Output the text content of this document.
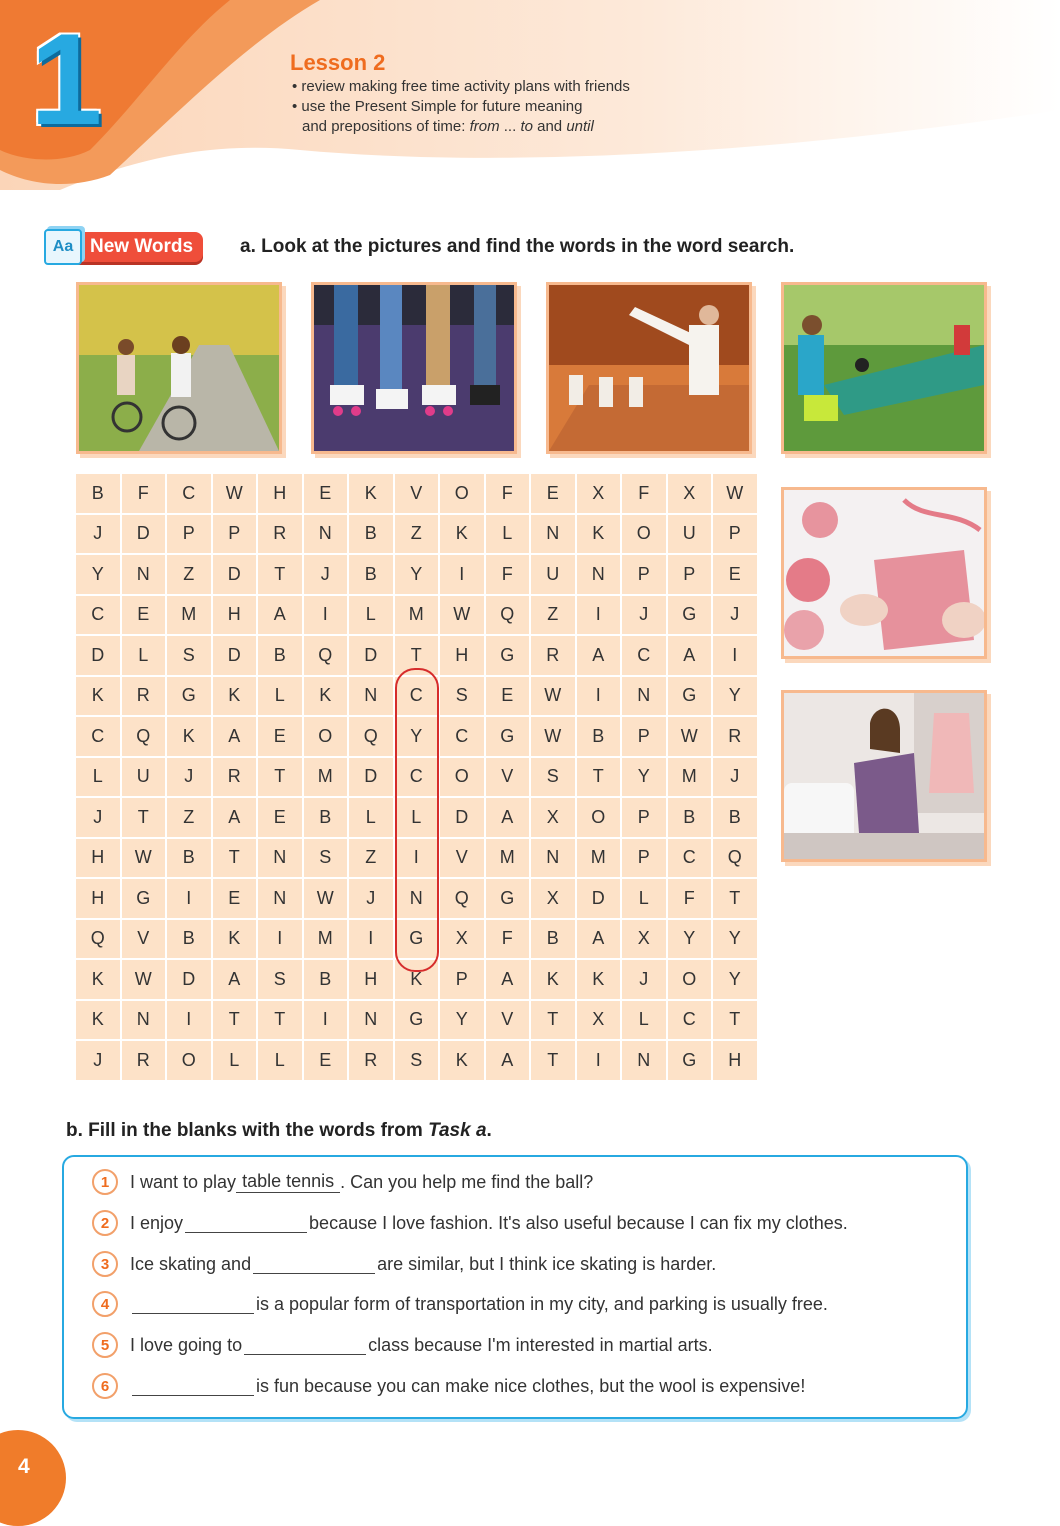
1	Lesson 2
• review making free time activity plans with friends
• use the Present Simple for future meaning
and prepositions of time: from ... to and until
Aa New Words	a. Look at the pictures and find the words in the word search.
B	F	C	W	H	E	K	V	O	F	E	X	F	X	W
J	D	P	P	R	N	B	Z	K	L	N	K	O	U	P
Y	N	Z	D	T	J	B	Y	I	F	U	N	P	P	E
C	E	M	H	A	I	L	M	W	Q	Z	I	J	G	J
D	L	S	D	B	Q	D	T	H	G	R	A	C	A	I
K	R	G	K	L	K	N	C	S	E	W	I	N	G	Y
C	Q	K	A	E	O	Q	Y	C	G	W	B	P	W	R
L	U	J	R	T	M	D	C	O	V	S	T	Y	M	J
J	T	Z	A	E	B	L	L	D	A	X	O	P	B	B
H	W	B	T	N	S	Z	I	V	M	N	M	P	C	Q
H	G	I	E	N	W	J	N	Q	G	X	D	L	F	T
Q	V	B	K	I	M	I	G	X	F	B	A	X	Y	Y
K	W	D	A	S	B	H	K	P	A	K	K	J	O	Y
K	N	I	T	T	I	N	G	Y	V	T	X	L	C	T
J	R	O	L	L	E	R	S	K	A	T	I	N	G	H
b. Fill in the blanks with the words from Task a.
1	I want to play table tennis . Can you help me find the ball?
2	I enjoy	because I love fashion. It's also useful because I can fix my clothes.
3	Ice skating and	are similar, but I think ice skating is harder.
4	is a popular form of transportation in my city, and parking is usually free.
5	I love going to	class because I'm interested in martial arts.
6	is fun because you can make nice clothes, but the wool is expensive!
4
